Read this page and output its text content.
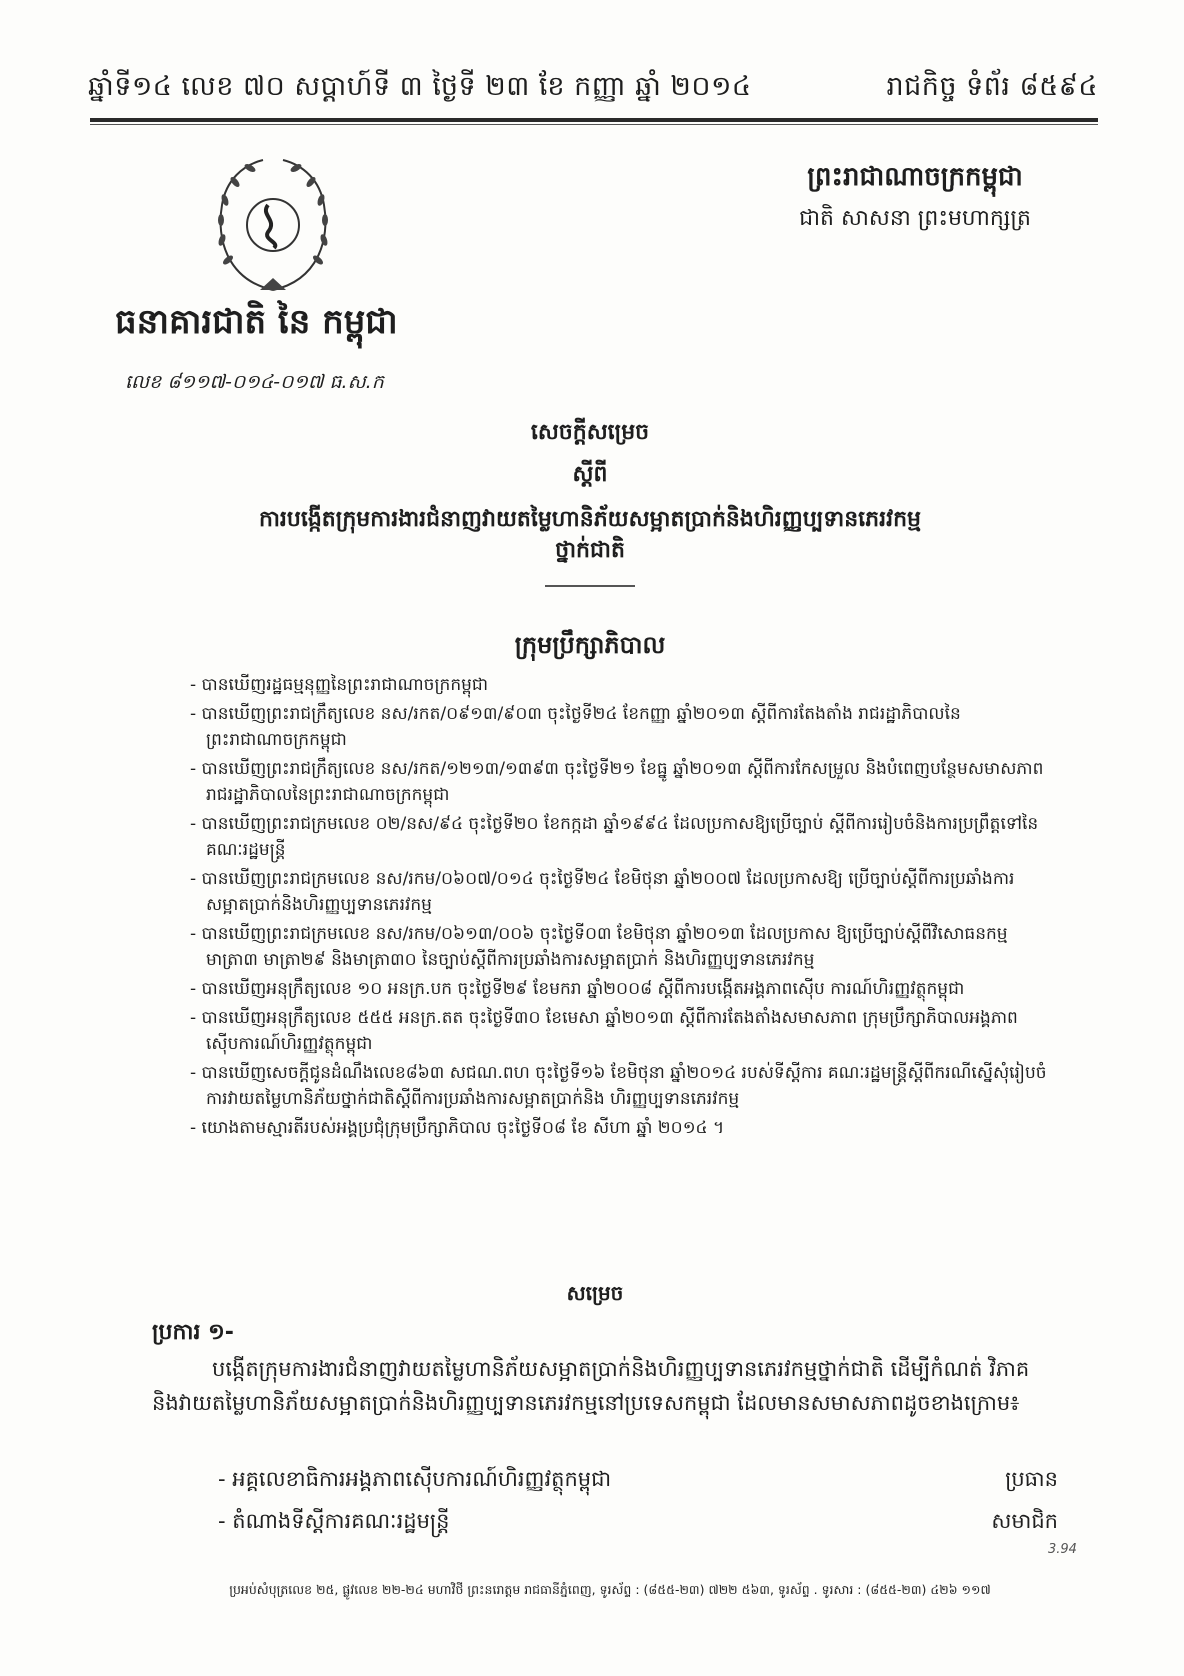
ឆ្នាំទី១៤ លេខ ៧០ សប្តាហ៍ទី ៣ ថ្ងៃទី ២៣ ខែ កញ្ញា ឆ្នាំ ២០១៤	រាជកិច្ច ទំព័រ ៨៥៩៤
ព្រះរាជាណាចក្រកម្ពុជា
ជាតិ សាសនា ព្រះមហាក្សត្រ
ធនាគារជាតិ នៃ កម្ពុជា
លេខ ៨១១៧-០១៤-០១៧ ធ.ស.ក
សេចក្តីសម្រេច
ស្តីពី
ការបង្កើតក្រុមការងារជំនាញវាយតម្លៃហានិភ័យសម្អាតប្រាក់និងហិរញ្ញប្បទានភេរវកម្ម
ថ្នាក់ជាតិ
ក្រុមប្រឹក្សាភិបាល
- បានឃើញរដ្ឋធម្មនុញ្ញនៃព្រះរាជាណាចក្រកម្ពុជា
- បានឃើញព្រះរាជក្រឹត្យលេខ នស/រកត/០៩១៣/៩០៣ ចុះថ្ងៃទី២៤ ខែកញ្ញា ឆ្នាំ២០១៣ ស្តីពីការតែងតាំង រាជរដ្ឋាភិបាលនៃព្រះរាជាណាចក្រកម្ពុជា
- បានឃើញព្រះរាជក្រឹត្យលេខ នស/រកត/១២១៣/១៣៩៣ ចុះថ្ងៃទី២១ ខែធ្នូ ឆ្នាំ២០១៣ ស្តីពីការកែសម្រួល និងបំពេញបន្ថែមសមាសភាពរាជរដ្ឋាភិបាលនៃព្រះរាជាណាចក្រកម្ពុជា
- បានឃើញព្រះរាជក្រមលេខ ០២/នស/៩៤ ចុះថ្ងៃទី២០ ខែកក្កដា ឆ្នាំ១៩៩៤ ដែលប្រកាសឱ្យប្រើច្បាប់ ស្តីពីការរៀបចំនិងការប្រព្រឹត្តទៅនៃគណៈរដ្ឋមន្ត្រី
- បានឃើញព្រះរាជក្រមលេខ នស/រកម/០៦០៧/០១៤ ចុះថ្ងៃទី២៤ ខែមិថុនា ឆ្នាំ២០០៧ ដែលប្រកាសឱ្យ ប្រើច្បាប់ស្តីពីការប្រឆាំងការសម្អាតប្រាក់និងហិរញ្ញប្បទានភេរវកម្ម
- បានឃើញព្រះរាជក្រមលេខ នស/រកម/០៦១៣/០០៦ ចុះថ្ងៃទី០៣ ខែមិថុនា ឆ្នាំ២០១៣ ដែលប្រកាស ឱ្យប្រើច្បាប់ស្តីពីវិសោធនកម្មមាត្រា៣ មាត្រា២៩ និងមាត្រា៣០ នៃច្បាប់ស្តីពីការប្រឆាំងការសម្អាតប្រាក់ និងហិរញ្ញប្បទានភេរវកម្ម
- បានឃើញអនុក្រឹត្យលេខ ១០ អនក្រ.បក ចុះថ្ងៃទី២៩ ខែមករា ឆ្នាំ២០០៨ ស្តីពីការបង្កើតអង្គភាពស៊ើប ការណ៍ហិរញ្ញវត្ថុកម្ពុជា
- បានឃើញអនុក្រឹត្យលេខ ៥៥៥ អនក្រ.តត ចុះថ្ងៃទី៣០ ខែមេសា ឆ្នាំ២០១៣ ស្តីពីការតែងតាំងសមាសភាព ក្រុមប្រឹក្សាភិបាលអង្គភាពស៊ើបការណ៍ហិរញ្ញវត្ថុកម្ពុជា
- បានឃើញសេចក្តីជូនដំណឹងលេខ៨៦៣ សជណ.ពហ ចុះថ្ងៃទី១៦ ខែមិថុនា ឆ្នាំ២០១៤ របស់ទីស្តីការ គណៈរដ្ឋមន្ត្រីស្តីពីករណីស្នើសុំរៀបចំការវាយតម្លៃហានិភ័យថ្នាក់ជាតិស្តីពីការប្រឆាំងការសម្អាតប្រាក់និង ហិរញ្ញប្បទានភេរវកម្ម
- យោងតាមស្មារតីរបស់អង្គប្រជុំក្រុមប្រឹក្សាភិបាល ចុះថ្ងៃទី០៨ ខែ សីហា ឆ្នាំ ២០១៤ ។
សម្រេច
ប្រការ ១-
បង្កើតក្រុមការងារជំនាញវាយតម្លៃហានិភ័យសម្អាតប្រាក់និងហិរញ្ញប្បទានភេរវកម្មថ្នាក់ជាតិ ដើម្បីកំណត់ វិភាគ និងវាយតម្លៃហានិភ័យសម្អាតប្រាក់និងហិរញ្ញប្បទានភេរវកម្មនៅប្រទេសកម្ពុជា ដែលមានសមាសភាពដូចខាងក្រោម៖
- អគ្គលេខាធិការអង្គភាពស៊ើបការណ៍ហិរញ្ញវត្ថុកម្ពុជា	ប្រធាន
- តំណាងទីស្តីការគណៈរដ្ឋមន្ត្រី	សមាជិក
3.94
ប្រអប់សំបុត្រលេខ ២៥, ផ្លូវលេខ ២២-២៤ មហាវិថី ព្រះនរោត្តម រាជធានីភ្នំពេញ, ទូរស័ព្ទ : (៨៥៥-២៣) ៧២២ ៥៦៣, ទូរស័ព្ទ . ទូរសារ : (៨៥៥-២៣) ៤២៦ ១១៧
